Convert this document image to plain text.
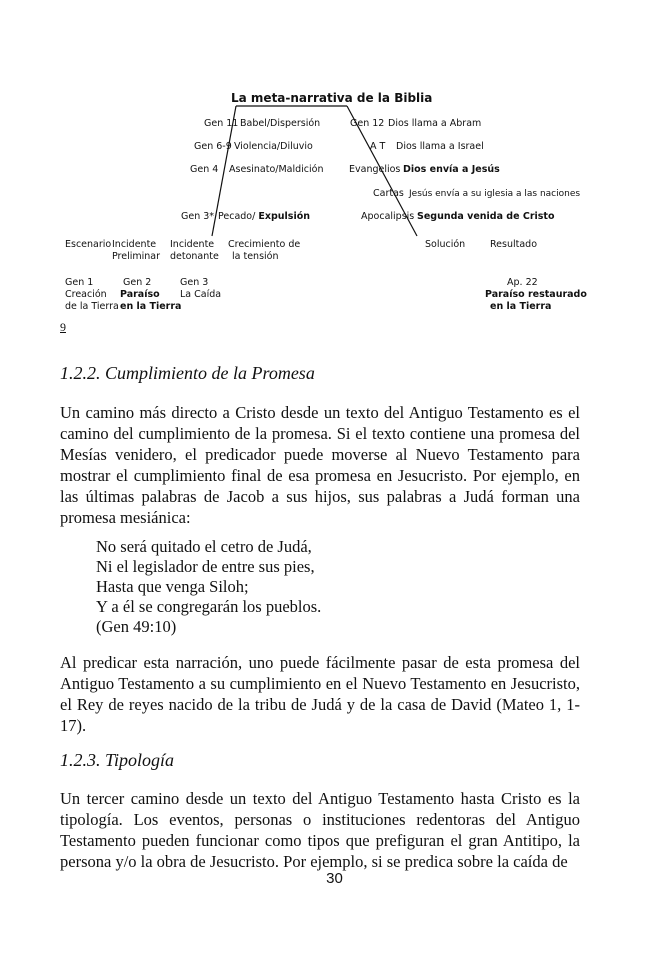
La meta-narrativa de la Biblia
Gen 11 Babel/Dispersión
Gen 6-9 Violencia/Diluvio
Gen 4 Asesinato/Maldición
Gen 3* Pecado/ Expulsión
Gen 12 Dios llama a Abram
A T Dios llama a Israel
Evangelios Dios envía a Jesús
Cartas Jesús envía a su iglesia a las naciones
Apocalipsis Segunda venida de Cristo
Escenario Incidente
Preliminar
Incidente
detonante
Crecimiento de
la tensión
Solución	Resultado
Gen 1
Creación
de la Tierra
Gen 2
Paraíso
en la Tierra
Gen 3
La Caída
Ap. 22
Paraíso restaurado
en la Tierra
9
1.2.2. Cumplimiento de la Promesa
Un camino más directo a Cristo desde un texto del Antiguo Testamento es el camino del cumplimiento de la promesa. Si el texto contiene una promesa del Mesías venidero, el predicador puede moverse al Nuevo Testamento para mostrar el cumplimiento final de esa promesa en Jesucristo. Por ejemplo, en las últimas palabras de Jacob a sus hijos, sus palabras a Judá forman una promesa mesiánica:
No será quitado el cetro de Judá,
Ni el legislador de entre sus pies,
Hasta que venga Siloh;
Y a él se congregarán los pueblos.
(Gen 49:10)
Al predicar esta narración, uno puede fácilmente pasar de esta promesa del Antiguo Testamento a su cumplimiento en el Nuevo Testamento en Jesucristo, el Rey de reyes nacido de la tribu de Judá y de la casa de David (Mateo 1, 1-17).
1.2.3. Tipología
Un tercer camino desde un texto del Antiguo Testamento hasta Cristo es la tipología. Los eventos, personas o instituciones redentoras del Antiguo Testamento pueden funcionar como tipos que prefiguran el gran Antitipo, la persona y/o la obra de Jesucristo. Por ejemplo, si se predica sobre la caída de
30
